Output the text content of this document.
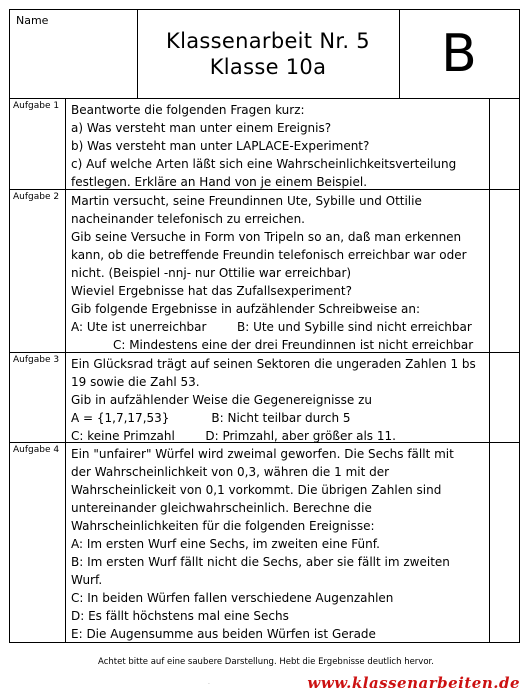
Name
Klassenarbeit Nr. 5
Klasse 10a	B
Aufgabe 1 Beantworte die folgenden Fragen kurz:
a) Was versteht man unter einem Ereignis?
b) Was versteht man unter LAPLACE-Experiment?
c) Auf welche Arten läßt sich eine Wahrscheinlichkeitsverteilung
festlegen. Erkläre an Hand von je einem Beispiel.
Aufgabe 2 Martin versucht, seine Freundinnen Ute, Sybille und Ottilie
nacheinander telefonisch zu erreichen.
Gib seine Versuche in Form von Tripeln so an, daß man erkennen
kann, ob die betreffende Freundin telefonisch erreichbar war oder
nicht. (Beispiel -nnj- nur Ottilie war erreichbar)
Wieviel Ergebnisse hat das Zufallsexperiment?
Gib folgende Ergebnisse in aufzählender Schreibweise an:
A: Ute ist unerreichbar        B: Ute und Sybille sind nicht erreichbar
C: Mindestens eine der drei Freundinnen ist nicht erreichbar
Aufgabe 3 Ein Glücksrad trägt auf seinen Sektoren die ungeraden Zahlen 1 bs
19 sowie die Zahl 53.
Gib in aufzählender Weise die Gegenereignisse zu
A = {1,7,17,53}           B: Nicht teilbar durch 5
C: keine Primzahl        D: Primzahl, aber größer als 11.
Aufgabe 4 Ein "unfairer" Würfel wird zweimal geworfen. Die Sechs fällt mit
der Wahrscheinlichkeit von 0,3, währen die 1 mit der
Wahrscheinlickeit von 0,1 vorkommt. Die übrigen Zahlen sind
untereinander gleichwahrscheinlich. Berechne die
Wahrscheinlichkeiten für die folgenden Ereignisse:
A: Im ersten Wurf eine Sechs, im zweiten eine Fünf.
B: Im ersten Wurf fällt nicht die Sechs, aber sie fällt im zweiten
Wurf.
C: In beiden Würfen fallen verschiedene Augenzahlen
D: Es fällt höchstens mal eine Sechs
E: Die Augensumme aus beiden Würfen ist Gerade
Achtet bitte auf eine saubere Darstellung. Hebt die Ergebnisse deutlich hervor.
.	www.klassenarbeiten.de
